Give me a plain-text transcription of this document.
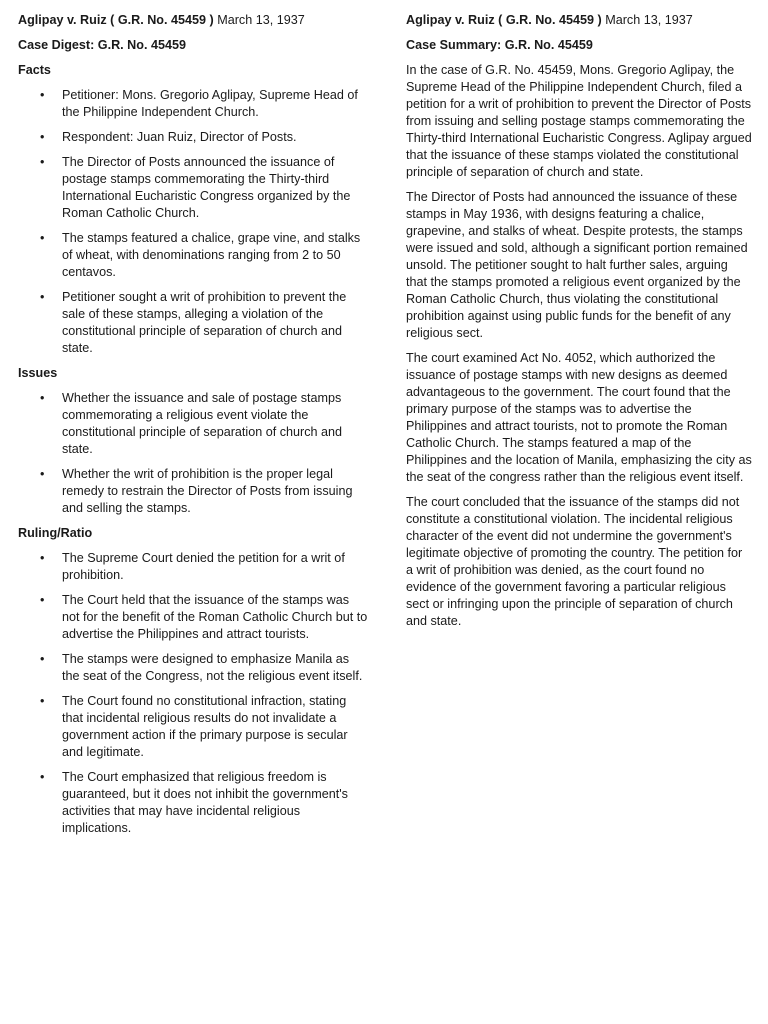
Aglipay v. Ruiz ( G.R. No. 45459 ) March 13, 1937
Case Digest: G.R. No. 45459
Facts
• Petitioner: Mons. Gregorio Aglipay, Supreme Head of the Philippine Independent Church.
• Respondent: Juan Ruiz, Director of Posts.
• The Director of Posts announced the issuance of postage stamps commemorating the Thirty-third International Eucharistic Congress organized by the Roman Catholic Church.
• The stamps featured a chalice, grape vine, and stalks of wheat, with denominations ranging from 2 to 50 centavos.
• Petitioner sought a writ of prohibition to prevent the sale of these stamps, alleging a violation of the constitutional principle of separation of church and state.
Issues
• Whether the issuance and sale of postage stamps commemorating a religious event violate the constitutional principle of separation of church and state.
• Whether the writ of prohibition is the proper legal remedy to restrain the Director of Posts from issuing and selling the stamps.
Ruling/Ratio
• The Supreme Court denied the petition for a writ of prohibition.
• The Court held that the issuance of the stamps was not for the benefit of the Roman Catholic Church but to advertise the Philippines and attract tourists.
• The stamps were designed to emphasize Manila as the seat of the Congress, not the religious event itself.
• The Court found no constitutional infraction, stating that incidental religious results do not invalidate a government action if the primary purpose is secular and legitimate.
• The Court emphasized that religious freedom is guaranteed, but it does not inhibit the government's activities that may have incidental religious implications.
Aglipay v. Ruiz ( G.R. No. 45459 ) March 13, 1937
Case Summary: G.R. No. 45459

In the case of G.R. No. 45459, Mons. Gregorio Aglipay, the Supreme Head of the Philippine Independent Church, filed a petition for a writ of prohibition to prevent the Director of Posts from issuing and selling postage stamps commemorating the Thirty-third International Eucharistic Congress. Aglipay argued that the issuance of these stamps violated the constitutional principle of separation of church and state.

The Director of Posts had announced the issuance of these stamps in May 1936, with designs featuring a chalice, grapevine, and stalks of wheat. Despite protests, the stamps were issued and sold, although a significant portion remained unsold. The petitioner sought to halt further sales, arguing that the stamps promoted a religious event organized by the Roman Catholic Church, thus violating the constitutional prohibition against using public funds for the benefit of any religious sect.

The court examined Act No. 4052, which authorized the issuance of postage stamps with new designs as deemed advantageous to the government. The court found that the primary purpose of the stamps was to advertise the Philippines and attract tourists, not to promote the Roman Catholic Church. The stamps featured a map of the Philippines and the location of Manila, emphasizing the city as the seat of the congress rather than the religious event itself.

The court concluded that the issuance of the stamps did not constitute a constitutional violation. The incidental religious character of the event did not undermine the government's legitimate objective of promoting the country. The petition for a writ of prohibition was denied, as the court found no evidence of the government favoring a particular religious sect or infringing upon the principle of separation of church and state.
